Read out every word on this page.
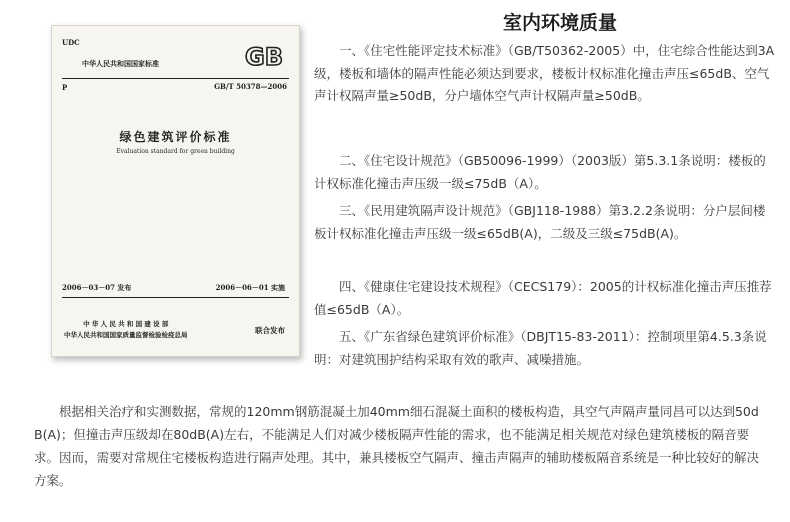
UDC
中华人民共和国国家标准	GB
P	GB/T 50378—2006
绿色建筑评价标准
Evaluation standard for green building
2006－03－07 发布	2006－06－01 实施
中 华 人 民 共 和 国 建 设 部
中华人民共和国国家质量监督检验检疫总局	联合发布
室内环境质量

一、《住宅性能评定技术标准》（GB/T50362-2005）中，住宅综合性能达到3A级，楼板和墙体的隔声性能必须达到要求，楼板计权标准化撞击声压≤65dB、空气声计权隔声量≥50dB，分户墙体空气声计权隔声量≥50dB。

二、《住宅设计规范》（GB50096-1999）（2003版）第5.3.1条说明：楼板的计权标准化撞击声压级一级≤75dB（A）。

三、《民用建筑隔声设计规范》（GBJ118-1988）第3.2.2条说明：分户层间楼板计权标准化撞击声压级一级≤65dB(A)，二级及三级≤75dB(A)。

四、《健康住宅建设技术规程》（CECS179）：2005的计权标准化撞击声压推荐值≤65dB（A）。

五、《广东省绿色建筑评价标准》（DBJT15-83-2011）：控制项里第4.5.3条说明：对建筑围护结构采取有效的歌声、减噪措施。

根据相关治疗和实测数据，常规的120mm钢筋混凝土加40mm细石混凝土面积的楼板构造，具空气声隔声量同昌可以达到50dB(A)；但撞击声压级却在80dB(A)左右，不能满足人们对减少楼板隔声性能的需求，也不能满足相关规范对绿色建筑楼板的隔音要求。因而，需要对常规住宅楼板构造进行隔声处理。其中，兼具楼板空气隔声、撞击声隔声的辅助楼板隔音系统是一种比较好的解决方案。
